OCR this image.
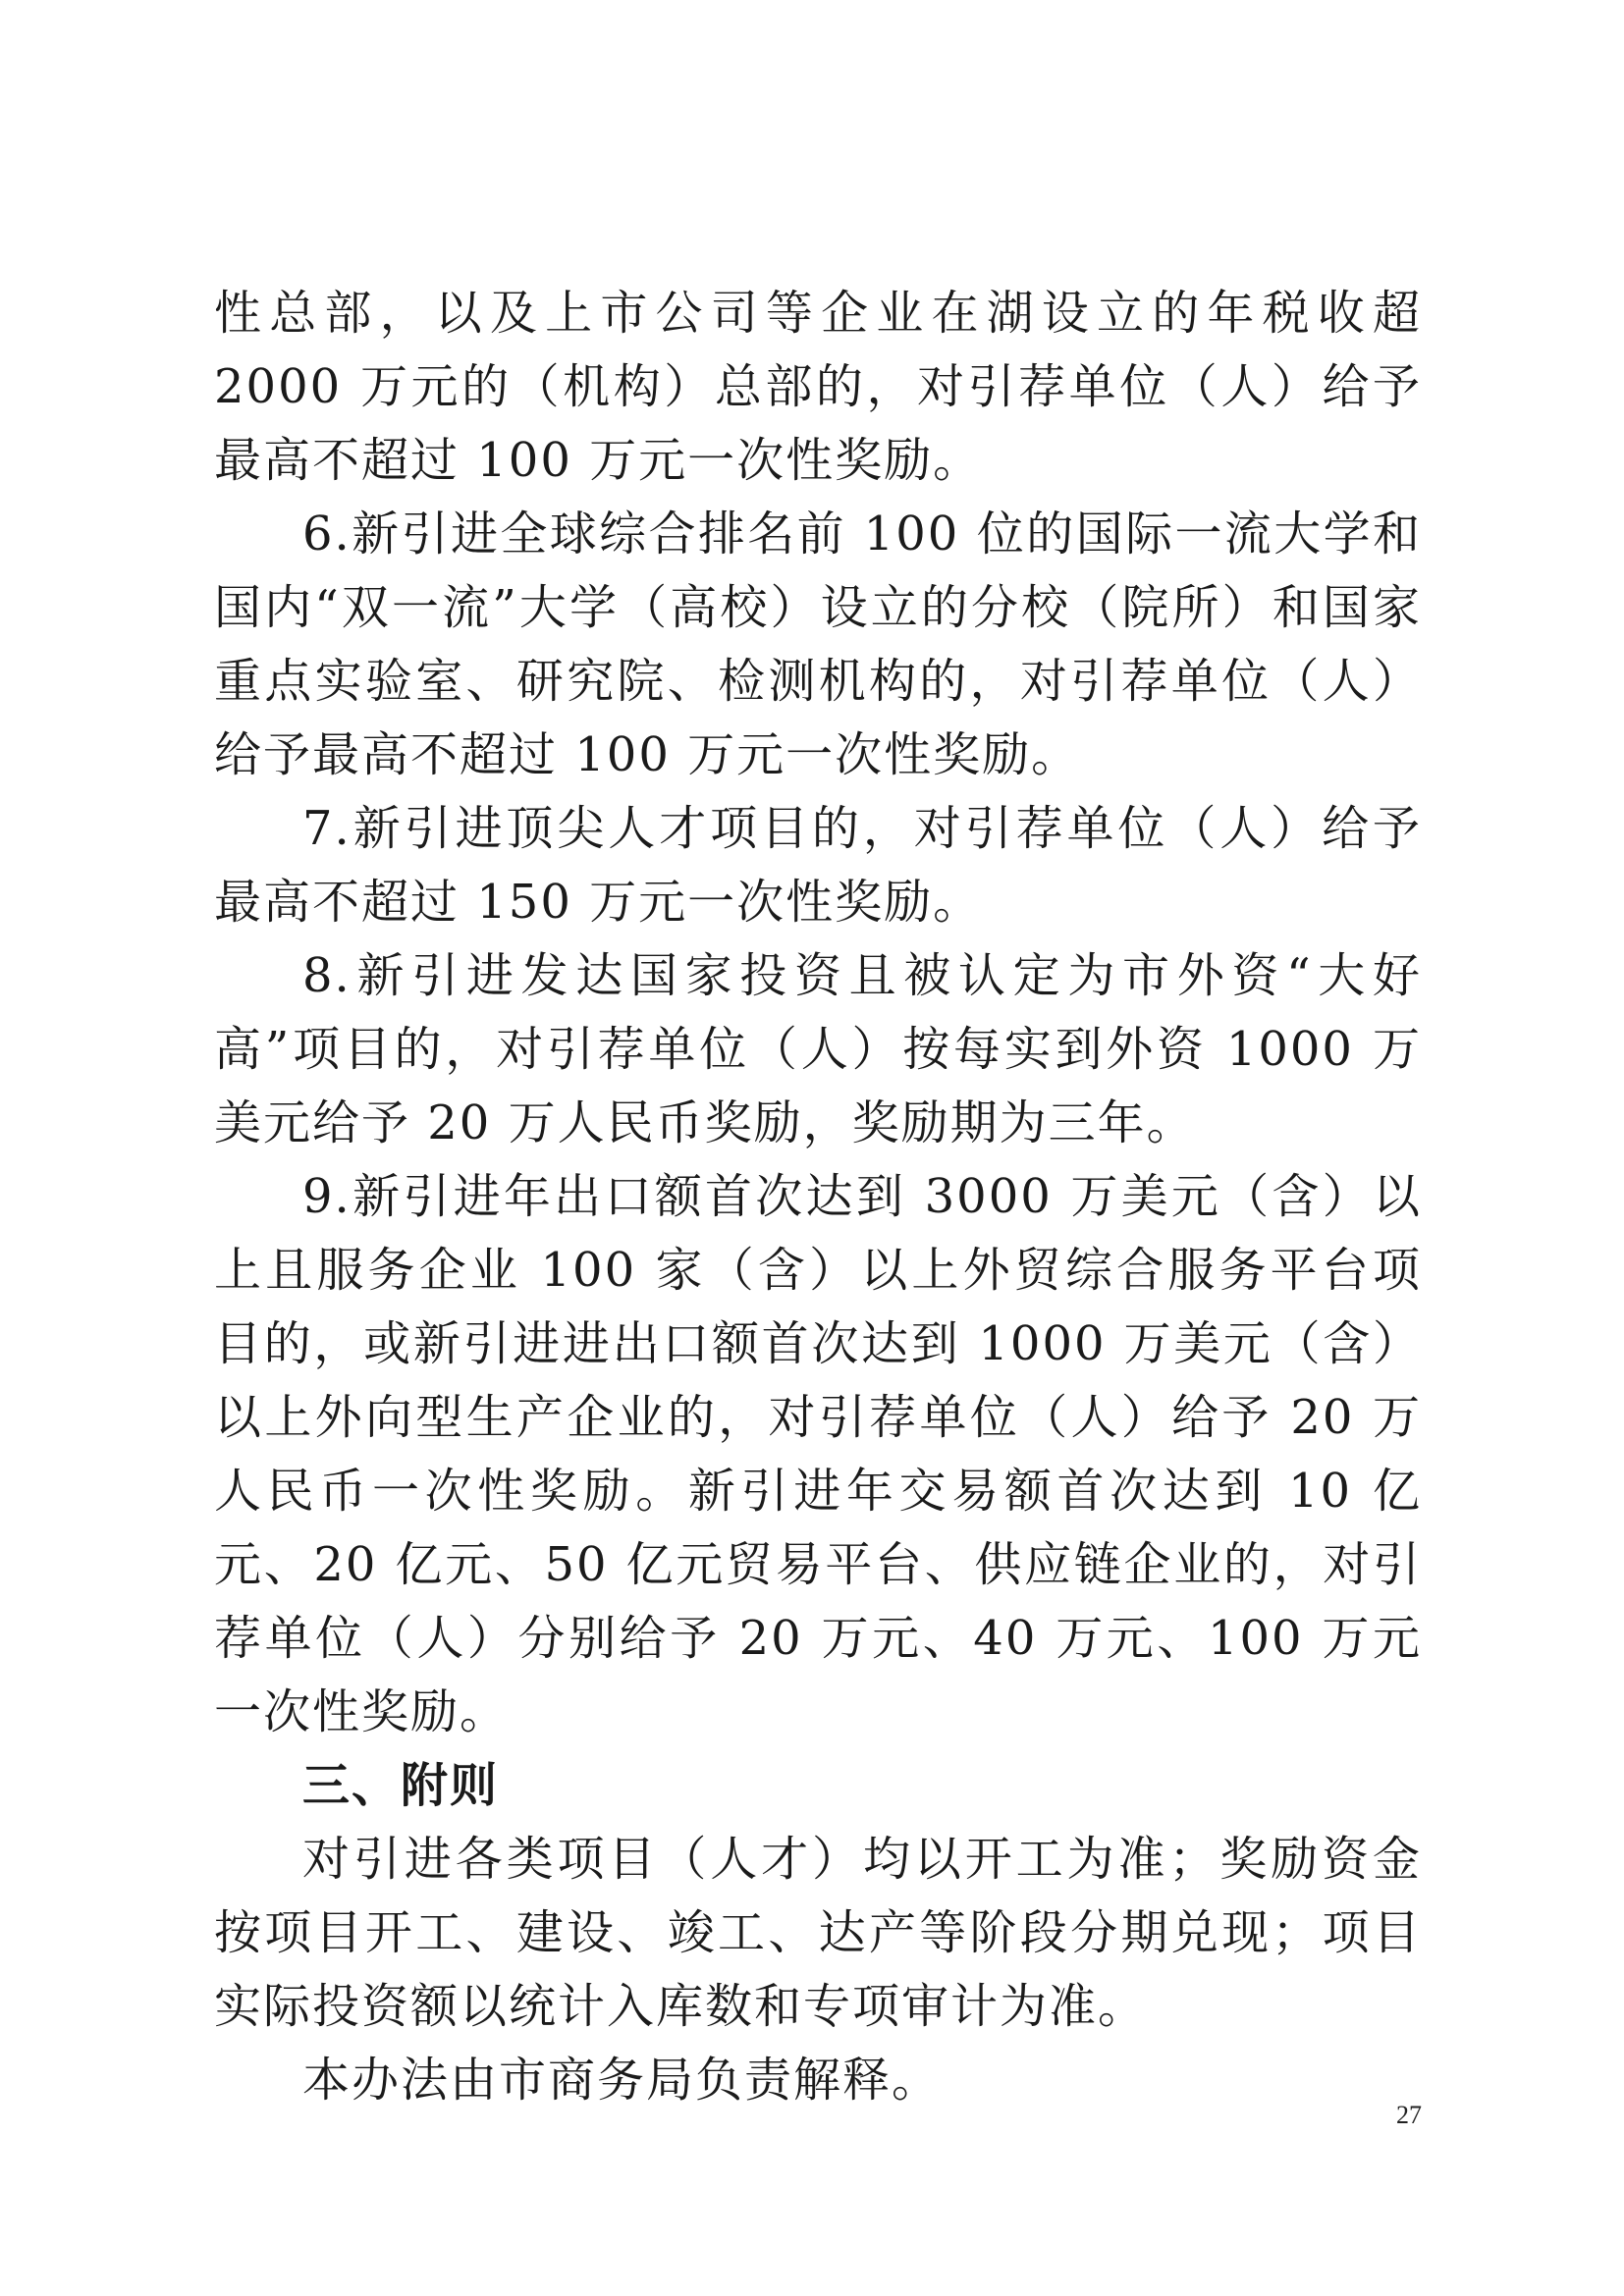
性总部，以及上市公司等企业在湖设立的年税收超 2000 万元的（机构）总部的，对引荐单位（人）给予最高不超过 100 万元一次性奖励。

6.新引进全球综合排名前 100 位的国际一流大学和国内“双一流”大学（高校）设立的分校（院所）和国家重点实验室、研究院、检测机构的，对引荐单位（人）给予最高不超过 100 万元一次性奖励。

7.新引进顶尖人才项目的，对引荐单位（人）给予最高不超过 150 万元一次性奖励。

8.新引进发达国家投资且被认定为市外资“大好高”项目的，对引荐单位（人）按每实到外资 1000 万美元给予 20 万人民币奖励，奖励期为三年。

9.新引进年出口额首次达到 3000 万美元（含）以上且服务企业 100 家（含）以上外贸综合服务平台项目的，或新引进进出口额首次达到 1000 万美元（含）以上外向型生产企业的，对引荐单位（人）给予 20 万人民币一次性奖励。新引进年交易额首次达到 10 亿元、20 亿元、50 亿元贸易平台、供应链企业的，对引荐单位（人）分别给予 20 万元、40 万元、100 万元一次性奖励。

三、附则

对引进各类项目（人才）均以开工为准；奖励资金按项目开工、建设、竣工、达产等阶段分期兑现；项目实际投资额以统计入库数和专项审计为准。

本办法由市商务局负责解释。

27
